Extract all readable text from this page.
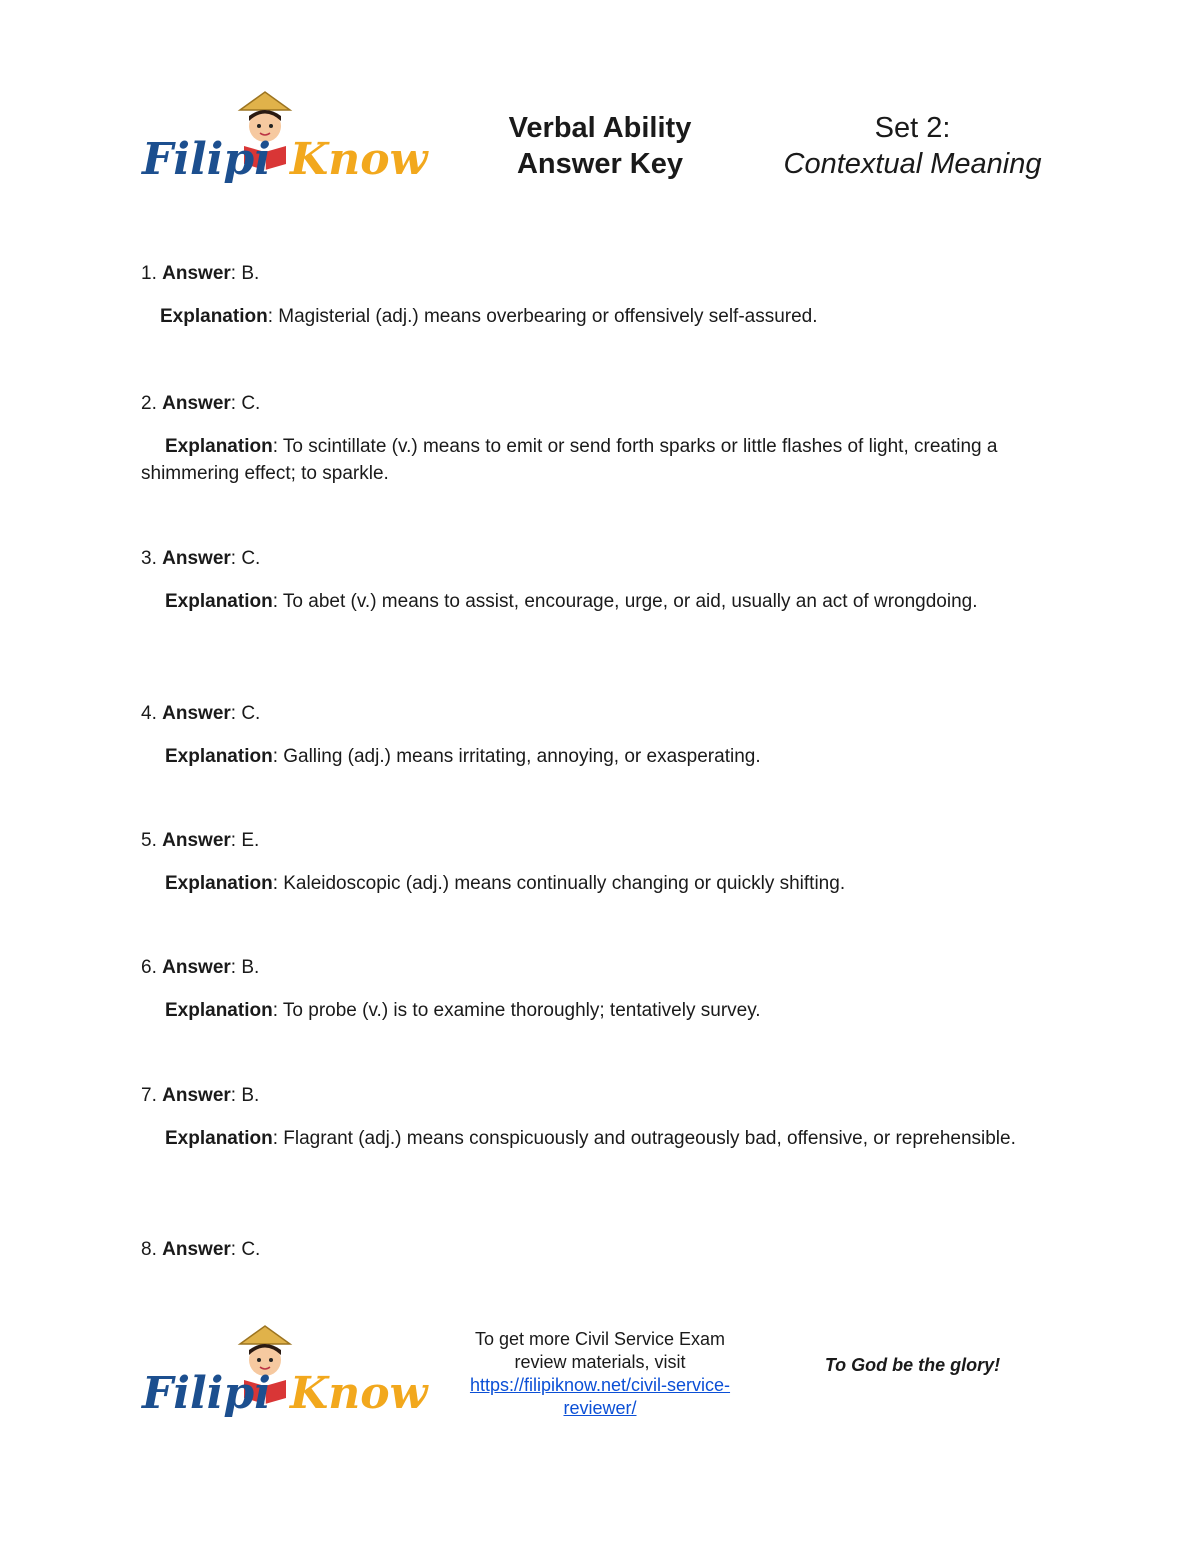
Filipi Know
Verbal Ability
Answer Key
Set 2:
Contextual Meaning
1. Answer: B.
Explanation: Magisterial (adj.) means overbearing or offensively self-assured.
2. Answer: C.
Explanation: To scintillate (v.) means to emit or send forth sparks or little flashes of light, creating a shimmering effect; to sparkle.
3. Answer: C.
Explanation: To abet (v.) means to assist, encourage, urge, or aid, usually an act of wrongdoing.
4. Answer: C.
Explanation: Galling (adj.) means irritating, annoying, or exasperating.
5. Answer: E.
Explanation: Kaleidoscopic (adj.) means continually changing or quickly shifting.
6. Answer: B.
Explanation: To probe (v.) is to examine thoroughly; tentatively survey.
7. Answer: B.
Explanation: Flagrant (adj.) means conspicuously and outrageously bad, offensive, or reprehensible.
8. Answer: C.
Filipi Know
To get more Civil Service Exam
review materials, visit
https://filipiknow.net/civil-service-
reviewer/
To God be the glory!
